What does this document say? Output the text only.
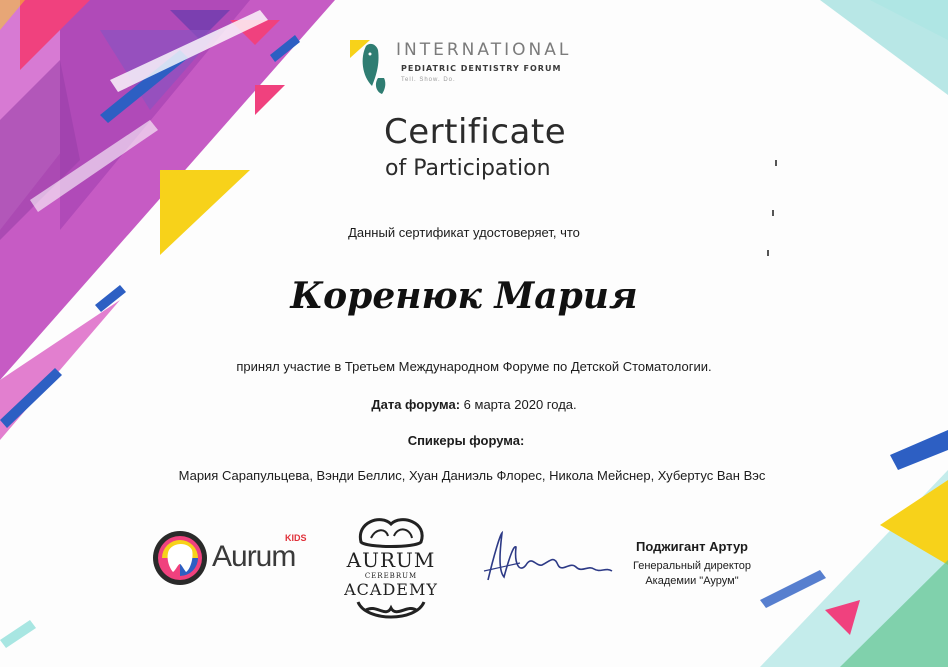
INTERNATIONAL

PEDIATRIC DENTISTRY FORUM

Tell. Show. Do.

Certificate
of Participation

Данный сертификат удостоверяет, что

Коренюк Мария

принял участие в Третьем Международном Форуме по Детской Стоматологии.

Дата форума: 6 марта 2020 года.

Спикеры форума:

Мария Сарапульцева, Вэнди Беллис, Хуан Даниэль Флорес, Никола Мейснер, Хубертус Ван Вэс

Aurum

KIDS

AURUM

CEREBRUM

ACADEMY

Поджигант Артур

Генеральный директор

Академии "Аурум"
